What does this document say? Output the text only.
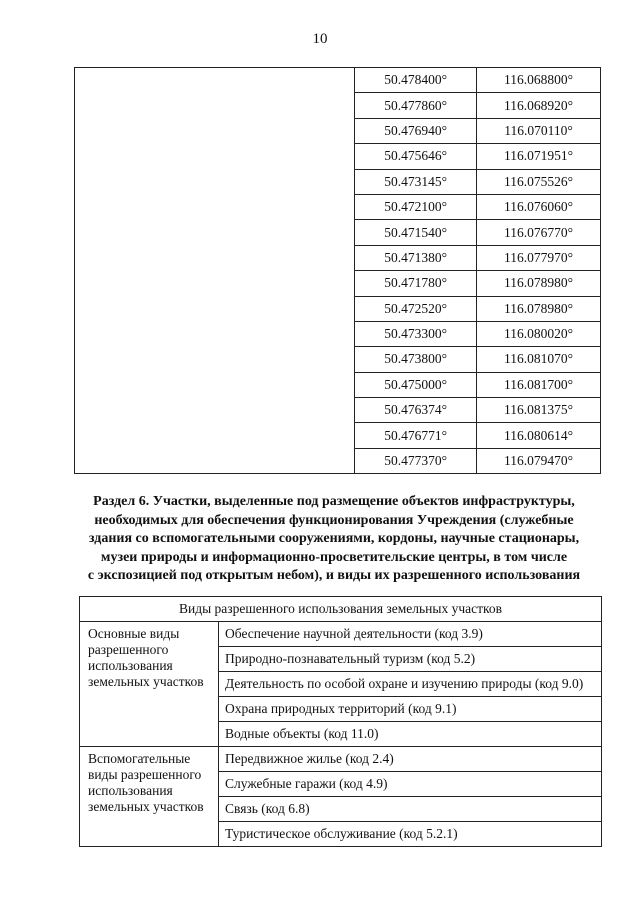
10
	50.478400°	116.068800°
	50.477860°	116.068920°
	50.476940°	116.070110°
	50.475646°	116.071951°
	50.473145°	116.075526°
	50.472100°	116.076060°
	50.471540°	116.076770°
	50.471380°	116.077970°
	50.471780°	116.078980°
	50.472520°	116.078980°
	50.473300°	116.080020°
	50.473800°	116.081070°
	50.475000°	116.081700°
	50.476374°	116.081375°
	50.476771°	116.080614°
	50.477370°	116.079470°
Раздел 6. Участки, выделенные под размещение объектов инфраструктуры,
необходимых для обеспечения функционирования Учреждения (служебные
здания со вспомогательными сооружениями, кордоны, научные стационары,
музеи природы и информационно-просветительские центры, в том числе
с экспозицией под открытым небом), и виды их разрешенного использования
Виды разрешенного использования земельных участков	

Основные виды
разрешенного
использования
земельных участков	Обеспечение научной деятельности (код 3.9)
	Природно-познавательный туризм (код 5.2)
	Деятельность по особой охране и изучению природы (код 9.0)
	Охрана природных территорий (код 9.1)
	Водные объекты (код 11.0)

Вспомогательные
виды разрешенного
использования
земельных участков	Передвижное жилье (код 2.4)
	Служебные гаражи (код 4.9)
	Связь (код 6.8)
	Туристическое обслуживание (код 5.2.1)
